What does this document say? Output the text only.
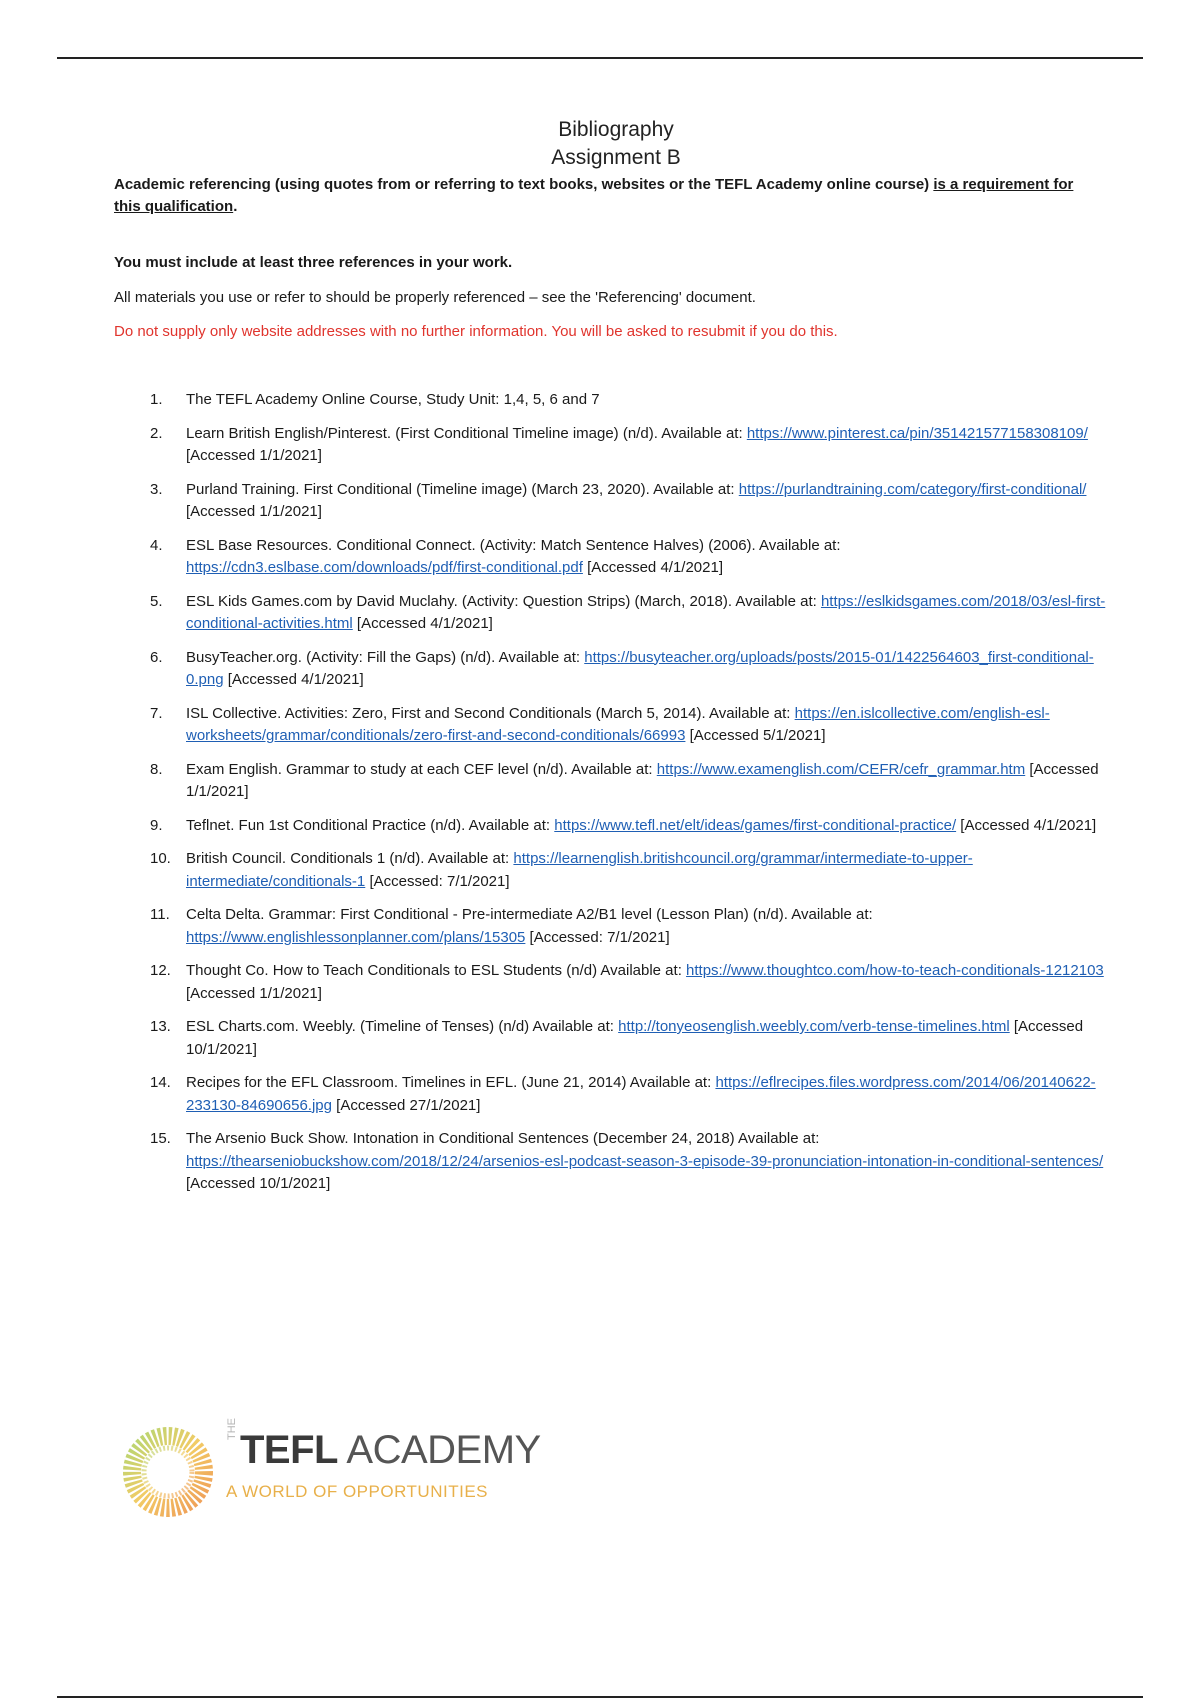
Bibliography
Assignment B
Academic referencing (using quotes from or referring to text books, websites or the TEFL Academy online course) is a requirement for this qualification.
You must include at least three references in your work.
All materials you use or refer to should be properly referenced – see the 'Referencing' document.
Do not supply only website addresses with no further information. You will be asked to resubmit if you do this.
1.	The TEFL Academy Online Course, Study Unit: 1,4, 5, 6 and 7
2.	Learn British English/Pinterest. (First Conditional Timeline image) (n/d). Available at: https://www.pinterest.ca/pin/351421577158308109/ [Accessed 1/1/2021]
3.	Purland Training. First Conditional (Timeline image) (March 23, 2020). Available at: https://purlandtraining.com/category/first-conditional/ [Accessed 1/1/2021]
4.	ESL Base Resources. Conditional Connect. (Activity: Match Sentence Halves) (2006). Available at: https://cdn3.eslbase.com/downloads/pdf/first-conditional.pdf [Accessed 4/1/2021]
5.	ESL Kids Games.com by David Muclahy. (Activity: Question Strips) (March, 2018). Available at: https://eslkidsgames.com/2018/03/esl-first-conditional-activities.html [Accessed 4/1/2021]
6.	BusyTeacher.org. (Activity: Fill the Gaps) (n/d). Available at: https://busyteacher.org/uploads/posts/2015-01/1422564603_first-conditional-0.png [Accessed 4/1/2021]
7.	ISL Collective. Activities: Zero, First and Second Conditionals (March 5, 2014). Available at: https://en.islcollective.com/english-esl-worksheets/grammar/conditionals/zero-first-and-second-conditionals/66993 [Accessed 5/1/2021]
8.	Exam English. Grammar to study at each CEF level (n/d). Available at: https://www.examenglish.com/CEFR/cefr_grammar.htm [Accessed 1/1/2021]
9.	Teflnet. Fun 1st Conditional Practice (n/d). Available at: https://www.tefl.net/elt/ideas/games/first-conditional-practice/ [Accessed 4/1/2021]
10.	British Council. Conditionals 1 (n/d). Available at: https://learnenglish.britishcouncil.org/grammar/intermediate-to-upper-intermediate/conditionals-1 [Accessed: 7/1/2021]
11.	Celta Delta. Grammar: First Conditional - Pre-intermediate A2/B1 level (Lesson Plan) (n/d). Available at: https://www.englishlessonplanner.com/plans/15305 [Accessed: 7/1/2021]
12.	Thought Co. How to Teach Conditionals to ESL Students (n/d) Available at: https://www.thoughtco.com/how-to-teach-conditionals-1212103 [Accessed 1/1/2021]
13.	ESL Charts.com. Weebly. (Timeline of Tenses) (n/d) Available at: http://tonyeosenglish.weebly.com/verb-tense-timelines.html [Accessed 10/1/2021]
14.	Recipes for the EFL Classroom. Timelines in EFL. (June 21, 2014) Available at: https://eflrecipes.files.wordpress.com/2014/06/20140622-233130-84690656.jpg [Accessed 27/1/2021]
15.	The Arsenio Buck Show. Intonation in Conditional Sentences (December 24, 2018) Available at: https://thearseniobuckshow.com/2018/12/24/arsenios-esl-podcast-season-3-episode-39-pronunciation-intonation-in-conditional-sentences/ [Accessed 10/1/2021]
THE TEFL ACADEMY
A WORLD OF OPPORTUNITIES
